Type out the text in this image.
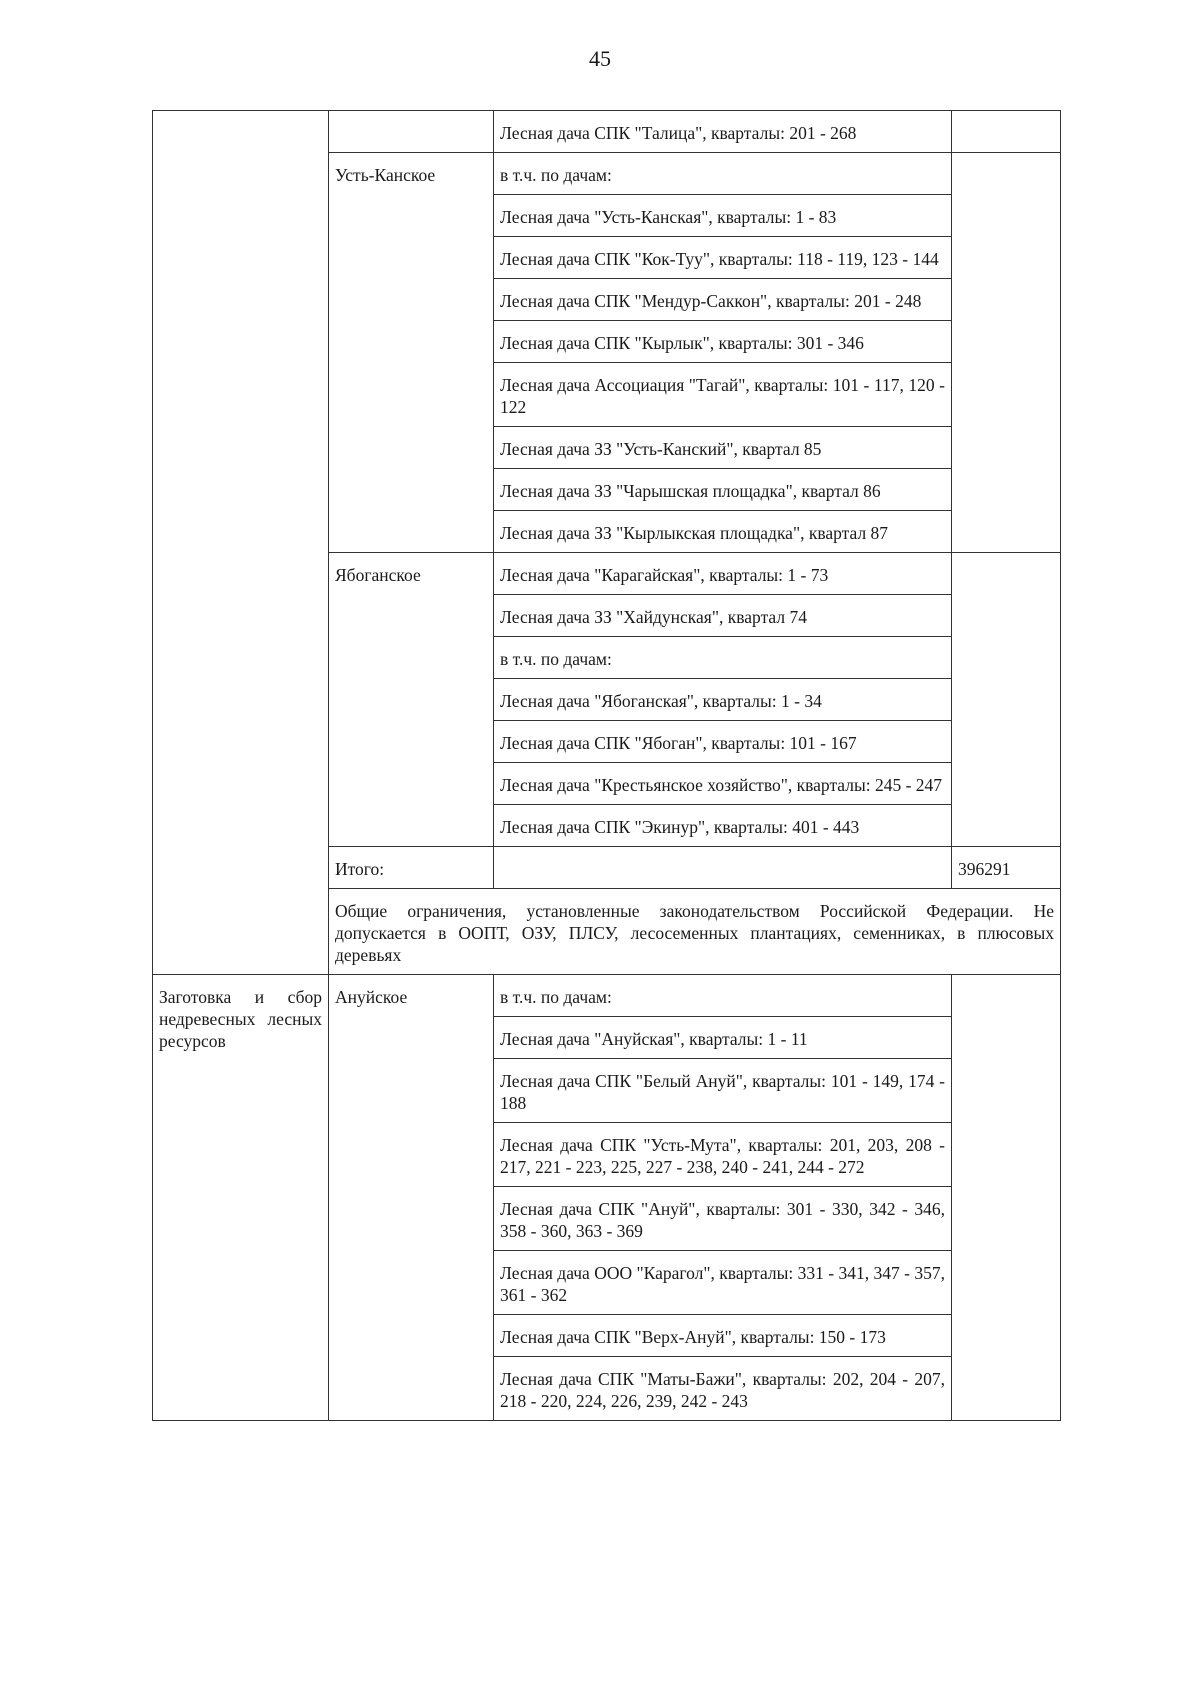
45
		Лесная дача СПК "Талица", кварталы: 201 - 268	
	Усть-Канское	в т.ч. по дачам:	
		Лесная дача "Усть-Канская", кварталы: 1 - 83	
		Лесная дача СПК "Кок-Туу", кварталы: 118 - 119, 123 - 144	
		Лесная дача СПК "Мендур-Саккон", кварталы: 201 - 248	
		Лесная дача СПК "Кырлык", кварталы: 301 - 346	
		Лесная дача Ассоциация "Тагай", кварталы: 101 - 117, 120 - 122	
		Лесная дача ЗЗ "Усть-Канский", квартал 85	
		Лесная дача ЗЗ "Чарышская площадка", квартал 86	
		Лесная дача ЗЗ "Кырлыкская площадка", квартал 87	
	Ябоганское	Лесная дача "Карагайская", кварталы: 1 - 73	
		Лесная дача ЗЗ "Хайдунская", квартал 74	
		в т.ч. по дачам:	
		Лесная дача "Ябоганская", кварталы: 1 - 34	
		Лесная дача СПК "Ябоган", кварталы: 101 - 167	
		Лесная дача "Крестьянское хозяйство", кварталы: 245 - 247	
		Лесная дача СПК "Экинур", кварталы: 401 - 443	
	Итого:		396291
	Общие ограничения, установленные законодательством Российской Федерации. Не допускается в ООПТ, ОЗУ, ПЛСУ, лесосеменных плантациях, семенниках, в плюсовых деревьях		
Заготовка и сбор недревесных лесных ресурсов	Ануйское	в т.ч. по дачам:	
		Лесная дача "Ануйская", кварталы: 1 - 11	
		Лесная дача СПК "Белый Ануй", кварталы: 101 - 149, 174 - 188	
		Лесная дача СПК "Усть-Мута", кварталы: 201, 203, 208 - 217, 221 - 223, 225, 227 - 238, 240 - 241, 244 - 272	
		Лесная дача СПК "Ануй", кварталы: 301 - 330, 342 - 346, 358 - 360, 363 - 369	
		Лесная дача ООО "Карагол", кварталы: 331 - 341, 347 - 357, 361 - 362	
		Лесная дача СПК "Верх-Ануй", кварталы: 150 - 173	
		Лесная дача СПК "Маты-Бажи", кварталы: 202, 204 - 207, 218 - 220, 224, 226, 239, 242 - 243	
